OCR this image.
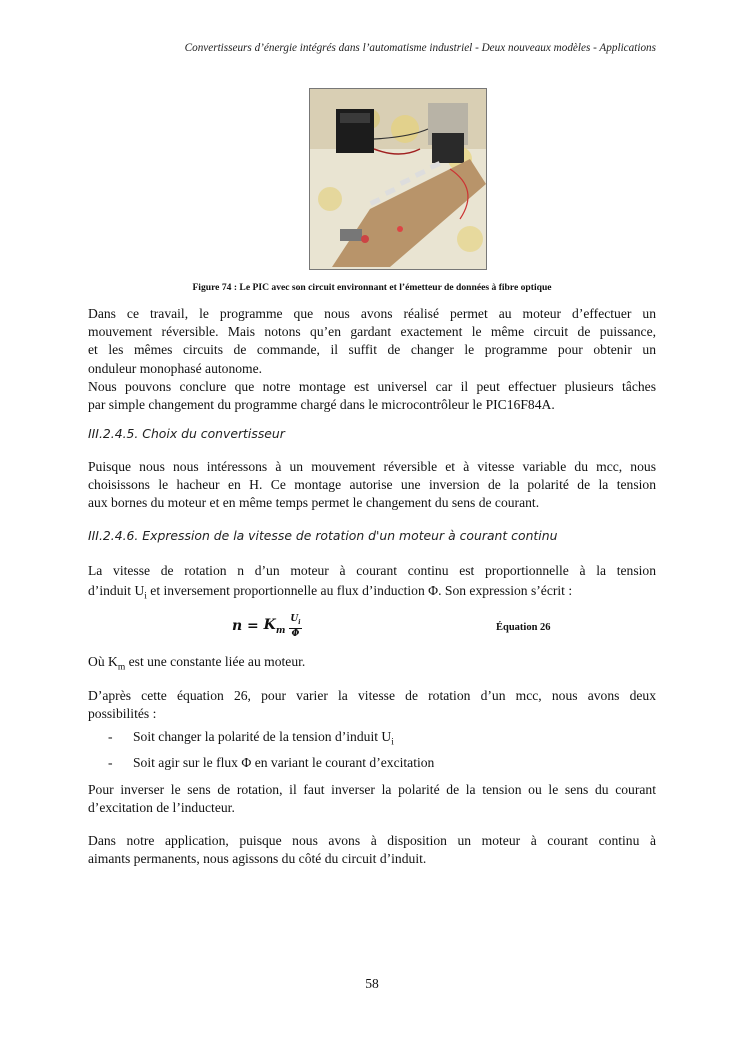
Convertisseurs d’énergie intégrés dans l’automatisme industriel - Deux nouveaux modèles - Applications
Figure 74 : Le PIC avec son circuit environnant et l’émetteur de données à fibre optique
Dans ce travail, le programme que nous avons réalisé permet au moteur d’effectuer un
mouvement réversible. Mais notons qu’en gardant exactement le même circuit de puissance,
et les mêmes circuits de commande, il suffit de changer le programme pour obtenir un
onduleur monophasé autonome.
Nous pouvons conclure que notre montage est universel car il peut effectuer plusieurs tâches
par simple changement du programme chargé dans le microcontrôleur le PIC16F84A.
III.2.4.5. Choix du convertisseur
Puisque nous nous intéressons à un mouvement réversible et à vitesse variable du mcc, nous
choisissons le hacheur en H. Ce montage autorise une inversion de la polarité de la tension
aux bornes du moteur et en même temps permet le changement du sens de courant.
III.2.4.6. Expression de la vitesse de rotation d'un moteur à courant continu
La vitesse de rotation n d’un moteur à courant continu est proportionnelle à la tension
d’induit $U_i$ et inversement proportionnelle au flux d’induction Φ. Son expression s’écrit :
$n = K_m \frac{U_i}{\Phi}$	Équation 26
Où $K_m$ est une constante liée au moteur.
D’après cette équation 26, pour varier la vitesse de rotation d’un mcc, nous avons deux
possibilités :
-	Soit changer la polarité de la tension d’induit $U_i$
-	Soit agir sur le flux Φ en variant le courant d’excitation
Pour inverser le sens de rotation, il faut inverser la polarité de la tension ou le sens du courant
d’excitation de l’inducteur.
Dans notre application, puisque nous avons à disposition un moteur à courant continu à
aimants permanents, nous agissons du côté du circuit d’induit.
58
